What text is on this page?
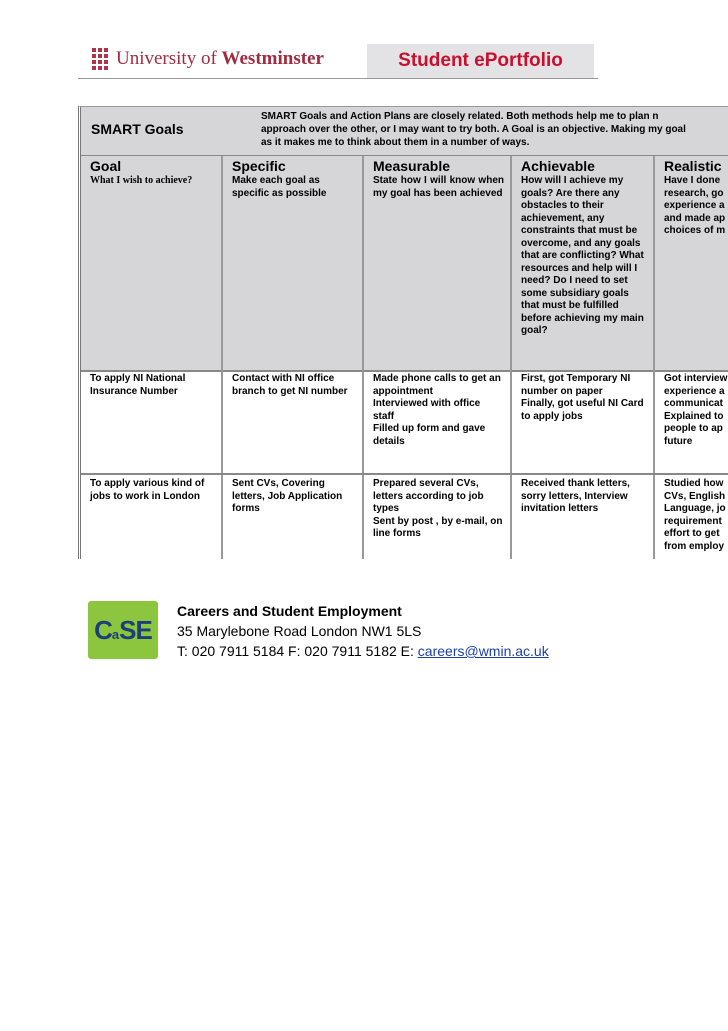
University of Westminster	Student ePortfolio
SMART Goals
SMART Goals and Action Plans are closely related. Both methods help me to plan n
approach over the other, or I may want to try both. A Goal is an objective. Making my goal
as it makes me to think about them in a number of ways.
Goal
What I wish to achieve?
To apply NI National Insurance Number
To apply various kind of jobs to work in London
Specific
Make each goal as specific as possible
Contact with NI office branch to get NI number
Sent CVs, Covering letters, Job Application forms
Measurable
State how I will know when my goal has been achieved
Made phone calls to get an appointment
Interviewed with office staff
Filled up form and gave details
Prepared several CVs, letters according to job types
Sent by post , by e-mail, on line forms
Achievable
How will I achieve my goals? Are there any obstacles to their achievement, any constraints that must be overcome, and any goals that are conflicting? What resources and help will I need? Do I need to set some subsidiary goals that must be fulfilled before achieving my main goal?
First, got Temporary NI number on paper
Finally, got useful NI Card to apply jobs
Received thank letters, sorry letters, Interview invitation letters
Realistic
Have I done research, go experience a and made ap choices of m
Got interview experience a communicat Explained to people to ap future
Studied how CVs, English Language, jo requirement effort to get from employ
CaSE
Careers and Student Employment
35 Marylebone Road London NW1 5LS
T: 020 7911 5184 F: 020 7911 5182 E: careers@wmin.ac.uk
